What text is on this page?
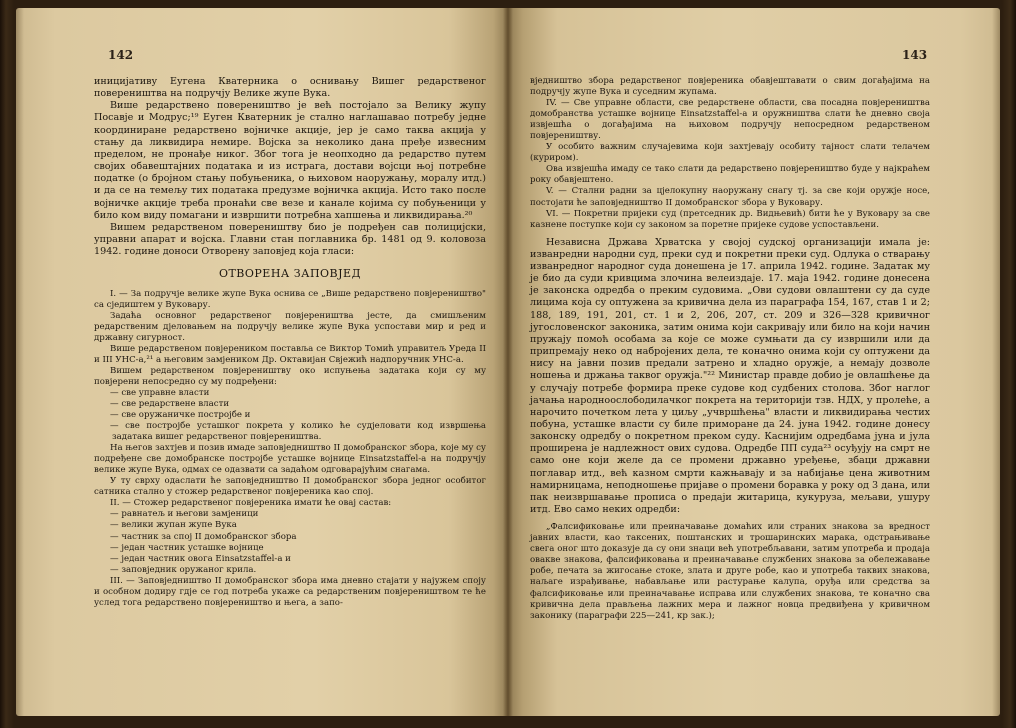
142

иницијативу Еугена Кватерника о оснивању Вишег редарственог повереништва на подручју Велике жупе Вука.

Више редарствено повереништво је већ постојало за Велику жупу Посавје и Модрус;¹⁹ Еуген Кватерник је стално наглашавао потребу једне координиране редарствено војничке акције, јер је само таква акција у стању да ликвидира немире. Војска за неколико дана пређе извесним пределом, не пронађе никог. Због тога је неопходно да редарство путем својих обавештајних података и из истрага, достави војсци њој потребне податке (о бројном стању побуњеника, о њиховом наоружању, моралу итд.) и да се на темељу тих података предузме војничка акција. Исто тако после војничке акције треба пронаћи све везе и канале којима су побуњеници у било ком виду помагани и извршити потребна хапшења и ликвидирања.²⁰

Вишем редарственом повереништву био је подређен сав полицијски, управни апарат и војска. Главни стан поглавника бр. 1481 од 9. коловоза 1942. године доноси Отворену заповјед која гласи:

ОТВОРЕНА ЗАПОВЈЕД

I. — За подручје велике жупе Вука оснива се „Више редарствено повјереништво" са сједиштем у Вуковару.

Задаћа основног редарственог повјереништва јесте, да смишљеним редарственим дјеловањем на подручју велике жупе Вука успостави мир и ред и државну сигурност.

Више редарственом повјереником поставља се Виктор Томић управитељ Уреда II и III УНС-а,²¹ а његовим замјеником Др. Октавијан Свјежић надпоручник УНС-а.

Вишем редарственом повјереништву око испуњења задатака који су му повјерени непосредно су му подређени:

— све управне власти

— све редарствене власти

— све оружаничке постројбе и

— све постројбе усташког покрета у колико ће судјеловати код извршења задатака вишег редарственог повјереништва.

На његов захтјев и позив имаде заповједништво II домобранског збора, које му су подређене све домобранске постројбе усташке војнице Einsatzstaffel-a на подручју велике жупе Вука, одмах се одазвати са задаћом одговарајућим снагама.

У ту сврху одаслати ће заповједништво II домобранског збора једног особитог сатника стално у стожер редарственог повјереника као спој.

II. — Стожер редарственог повјереника имати ће овај састав:

— равнатељ и његови замјеници

— велики жупан жупе Вука

— частник за спој II домобранског збора

— један частник усташке војнице

— један частник овога Einsatzstaffel-a и

— заповједник оружаног крила.

III. — Заповједништво II домобранског збора има дневно стајати у најужем споју и особном додиру гдје се год потреба укаже са редарственим повјереништвом те ће услед тога редарствено повјереништво и њега, а запо-

143

вједништво збора редарственог повјереника обавјештавати о свим догађајима на подручју жупе Вука и суседним жупама.

IV. — Све управне области, све редарствене области, сва посадна повјереништва домобранства усташке војнице Einsatzstaffel-a и оружништва слати ће дневно своја извјешћа о догађајима на њиховом подручју непосредном редарственом повјереништву.

У особито важним случајевима који захтјевају особиту тајност слати телачем (куриром).

Ова извјешћа имаду се тако слати да редарствено повјереништво буде у најкраћем року обавјештено.

V. — Стални радни за цјелокупну наоружану снагу тј. за све који оружје носе, постојати ће заповједништво II домобранског збора у Вуковару.

VI. — Покретни пријеки суд (претседник др. Видњевић) бити ће у Вуковару за све казнене поступке који су законом за поретне пријеке судове успостављени.

Независна Држава Хрватска у својој судској организацији имала је: изванредни народни суд, преки суд и покретни преки суд. Одлука о стварању изванредног народног суда донешена је 17. априла 1942. године. Задатак му је био да суди кривцима злочина велеиздаје. 17. маја 1942. године донесена је законска одредба о преким судовима. „Ови судови овлаштени су да суде лицима која су оптужена за кривична дела из параграфа 154, 167, став 1 и 2; 188, 189, 191, 201, ст. 1 и 2, 206, 207, ст. 209 и 326—328 кривичног југословенског законика, затим онима који сакривају или било на који начин пружају помоћ особама за које се може сумњати да су извршили или да припремају неко од набројених дела, те коначно онима који су оптужени да нису на јавни позив предали затрено и хладно оружје, а немају дозволе ношења и држања таквог оружја."²² Министар правде добио је овлашћење да у случају потребе формира преке судове код судбених столова. Због наглог јачања народноослободилачког покрета на територији тзв. НДХ, у пролеће, а нарочито почетком лета у циљу „учвршћења" власти и ликвидирања честих побуна, усташке власти су биле приморане да 24. јуна 1942. године донесу законску одредбу о покретном преком суду. Каснијим одредбама јуна и јула проширена је надлежност ових судова. Одредбе ПП суда²³ осуђују на смрт не само оне који желе да се промени државно уређење, збаци државни поглавар итд., већ казном смрти кажњавају и за набијање цена животним намирницама, неподношење пријаве о промени боравка у року од 3 дана, или пак неизвршавање прописа о предаји житарица, кукуруза, мељави, ушуру итд. Ево само неких одредби:

„Фалсификовање или преиначавање домаћих или страних знакова за вредност јавних власти, као таксених, поштанских и трошаринских марака, одстрањивање свега оног што доказује да су они знаци већ употребљавани, затим употреба и продаја овакве знакова, фалсификовања и преиначавање службених знакова за обележавање робе, печата за жигосање стоке, злата и друге робе, као и употреба таквих знакова, наљаге израђивање, набављање или растурање калупа, оруђа или средства за фалсификовање или преиначавање исправа или службених знакова, те коначно сва кривична дела прављења лажних мера и лажног новца предвиђена у кривичном законику (параграфи 225—241, кр зак.);
